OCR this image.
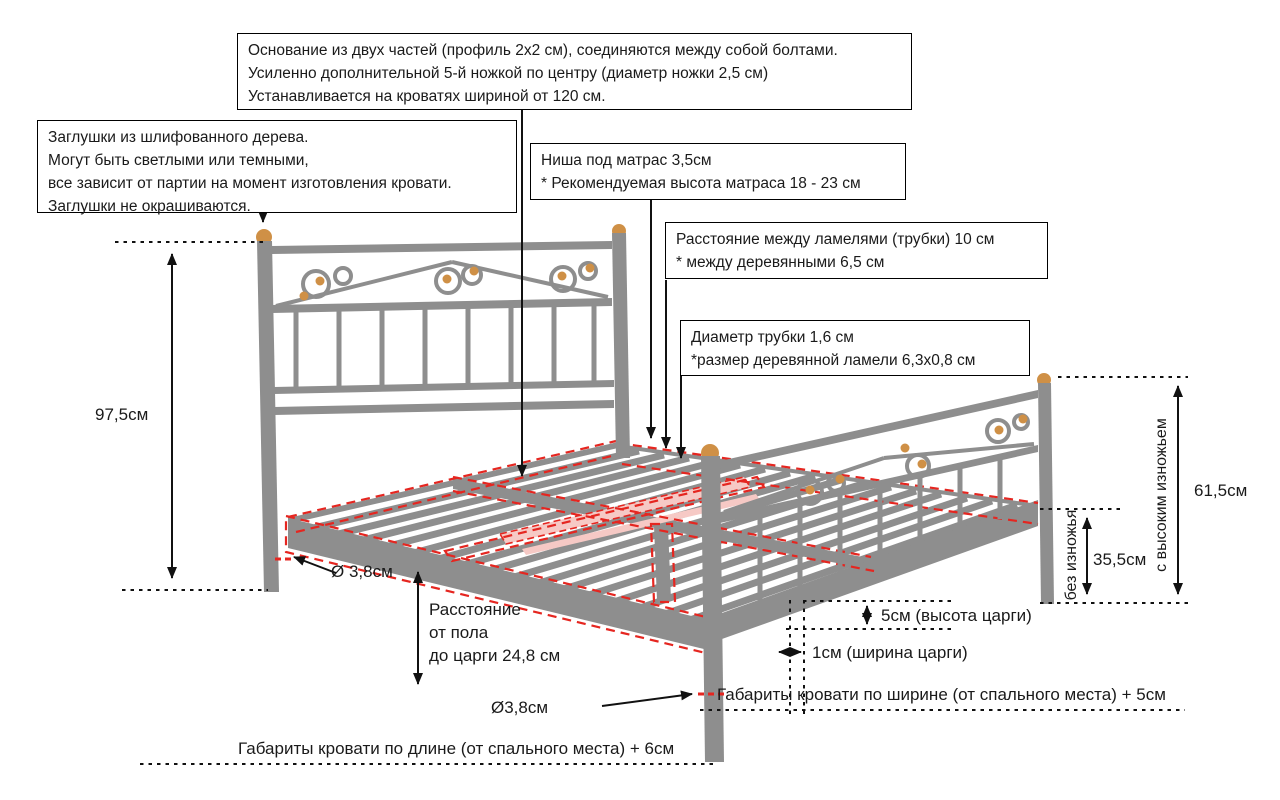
Основание из двух частей (профиль 2х2 см), соединяются между собой болтами.
Усиленно дополнительной 5-й ножкой по центру (диаметр ножки 2,5 см)
Устанавливается на кроватях шириной от 120 см.
Заглушки из шлифованного дерева.
Могут быть светлыми или темными,
все зависит от партии на момент изготовления кровати.
Заглушки не окрашиваются.
Ниша под матрас 3,5см
* Рекомендуемая высота матраса 18 - 23 см
Расстояние между ламелями (трубки) 10 см
* между деревянными 6,5 см
Диаметр трубки 1,6 см
*размер деревянной ламели 6,3х0,8 см
97,5см
Ø 3,8см
Расстояние
от пола
до царги 24,8 см
61,5см
с высоким изножьем
35,5см
без изножья
5см (высота царги)
1см (ширина царги)
Габариты кровати по ширине (от спального места) + 5см
Ø3,8см
Габариты кровати по длине (от спального места) + 6см
